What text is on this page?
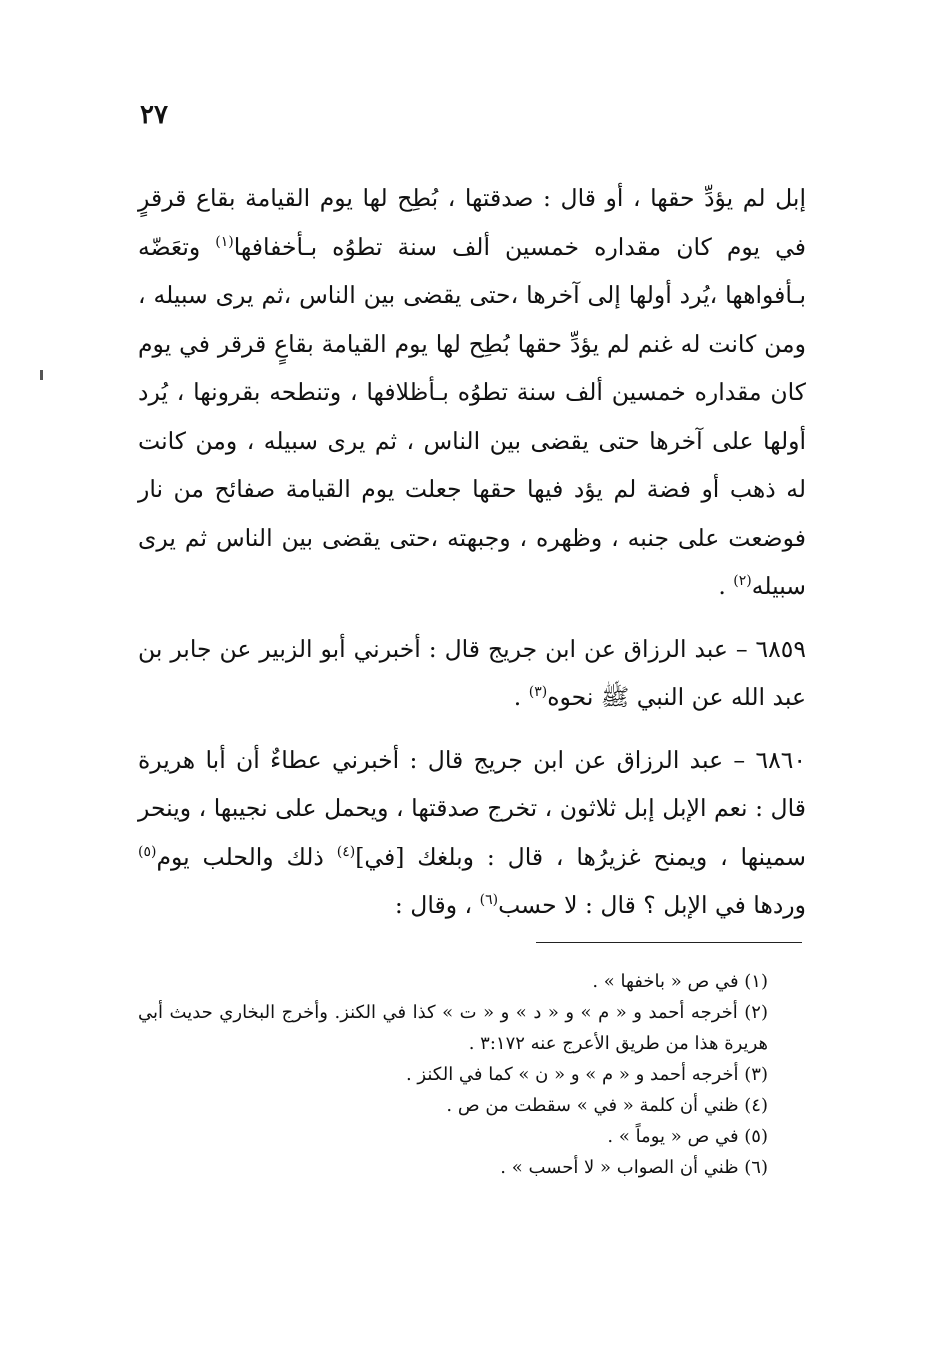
٢٧

إبل لم يؤدِّ حقها ، أو قال : صدقتها ، بُطِح لها يوم القيامة بقاع قرقرٍ في يوم كان مقداره خمسين ألف سنة تطوُه بـأخفافها$^{(١)}$ وتعَضّه بـأفواهها ،يُرد أولها إلى آخرها ،حتى يقضى بين الناس ،ثم يرى سبيله ، ومن كانت له غنم لم يؤدِّ حقها بُطِح لها يوم القيامة بقاعٍ قرقر في يوم كان مقداره خمسين ألف سنة تطوُه بـأظلافها ، وتنطحه بقرونها ، يُرد أولها على آخرها حتى يقضى بين الناس ، ثم يرى سبيله ، ومن كانت له ذهب أو فضة لم يؤد فيها حقها جعلت يوم القيامة صفائح من نار فوضعت على جنبه ، وظهره ، وجبهته ،حتى يقضى بين الناس ثم يرى سبيله$^{(٢)}$ .

٦٨٥٩ – عبد الرزاق عن ابن جريج قال : أخبرني أبو الزبير عن جابر بن عبد الله عن النبي ﷺ نحوه$^{(٣)}$ .

٦٨٦٠ – عبد الرزاق عن ابن جريج قال : أخبرني عطاءٌ أن أبا هريرة قال : نعم الإبل إبل ثلاثون ، تخرج صدقتها ، ويحمل على نجيبها ، وينحر سمينها ، ويمنح غزيرُها ، قال : وبلغك [في]$^{(٤)}$ ذلك والحلب يوم$^{(٥)}$ وردها في الإبل ؟ قال : لا حسب$^{(٦)}$ ، وقال :

(١) في ص « باخفها » .

(٢) أخرجه أحمد و « م » و « د » و « ت » كذا في الكنز. وأخرج البخاري حديث أبي هريرة هذا من طريق الأعرج عنه ٣:١٧٢ .

(٣) أخرجه أحمد و « م » و « ن » كما في الكنز .

(٤) ظني أن كلمة « في » سقطت من ص .

(٥) في ص « يوماً » .

(٦) ظني أن الصواب « لا أحسب » .
